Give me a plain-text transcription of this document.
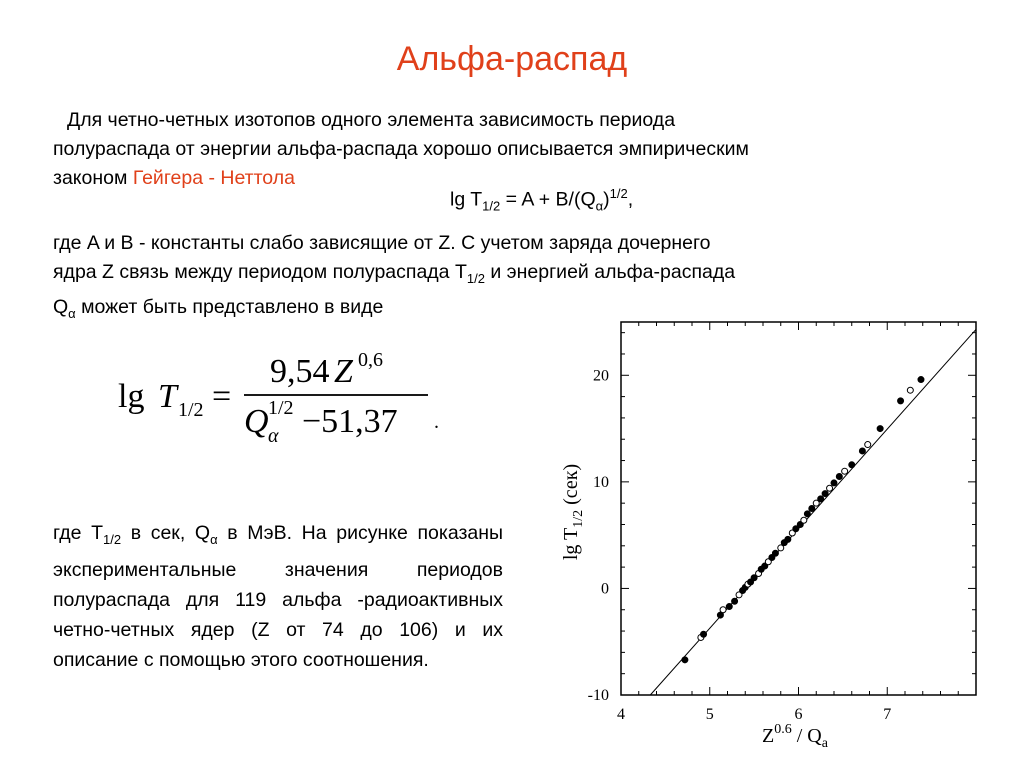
Альфа-распад
Для четно-четных изотопов одного элемента зависимость периода
полураспада от энергии альфа-распада хорошо описывается эмпирическим
законом Гейгера - Неттола
$\lg T_{1/2} = A + B/(Q_\alpha)^{1/2}$,
где A и B - константы слабо зависящие от Z. С учетом заряда дочернего
ядра Z связь между периодом полураспада $T_{1/2}$ и энергией альфа-распада
$Q_\alpha$ может быть представлено в виде
lg T 1/2 =
9,54 Z 0,6
Q α
1/2 −51,37 .
где $T_{1/2}$ в сек, $Q_\alpha$ в МэВ. На рисунке показаны экспериментальные значения периодов полураспада для 119 альфа -радиоактивных четно-четных ядер (Z от 74 до 106) и их описание с помощью этого соотношения.
4	5	6	7
-10
0
10
20
$Z^{0.6} / Q_a$
$\lg T_{1/2}$ (сек)
